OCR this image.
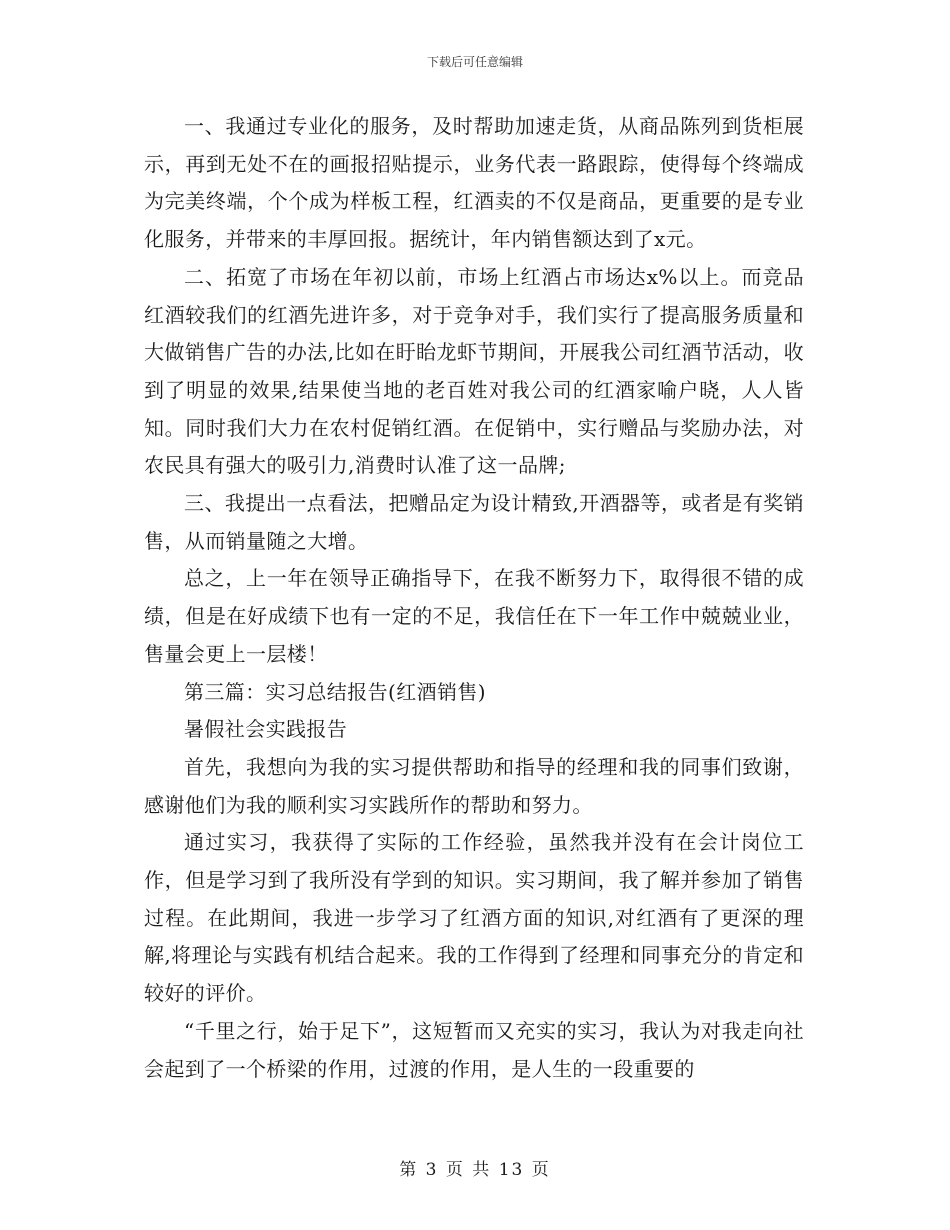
下载后可任意编辑

一、我通过专业化的服务，及时帮助加速走货，从商品陈列到货柜展示，再到无处不在的画报招贴提示，业务代表一路跟踪，使得每个终端成为完美终端，个个成为样板工程，红酒卖的不仅是商品，更重要的是专业化服务，并带来的丰厚回报。据统计，年内销售额达到了x元。

二、拓宽了市场在年初以前，市场上红酒占市场达x%以上。而竞品红酒较我们的红酒先进许多，对于竞争对手，我们实行了提高服务质量和大做销售广告的办法,比如在盱眙龙虾节期间，开展我公司红酒节活动，收到了明显的效果,结果使当地的老百姓对我公司的红酒家喻户晓，人人皆知。同时我们大力在农村促销红酒。在促销中，实行赠品与奖励办法，对农民具有强大的吸引力,消费时认准了这一品牌;

三、我提出一点看法，把赠品定为设计精致,开酒器等，或者是有奖销售，从而销量随之大增。

总之，上一年在领导正确指导下，在我不断努力下，取得很不错的成绩，但是在好成绩下也有一定的不足，我信任在下一年工作中兢兢业业，售量会更上一层楼！

第三篇：实习总结报告(红酒销售)

暑假社会实践报告

首先，我想向为我的实习提供帮助和指导的经理和我的同事们致谢，感谢他们为我的顺利实习实践所作的帮助和努力。

通过实习，我获得了实际的工作经验，虽然我并没有在会计岗位工作，但是学习到了我所没有学到的知识。实习期间，我了解并参加了销售过程。在此期间，我进一步学习了红酒方面的知识,对红酒有了更深的理解,将理论与实践有机结合起来。我的工作得到了经理和同事充分的肯定和较好的评价。

“千里之行，始于足下”，这短暂而又充实的实习，我认为对我走向社会起到了一个桥梁的作用，过渡的作用，是人生的一段重要的

第 3 页 共 13 页
